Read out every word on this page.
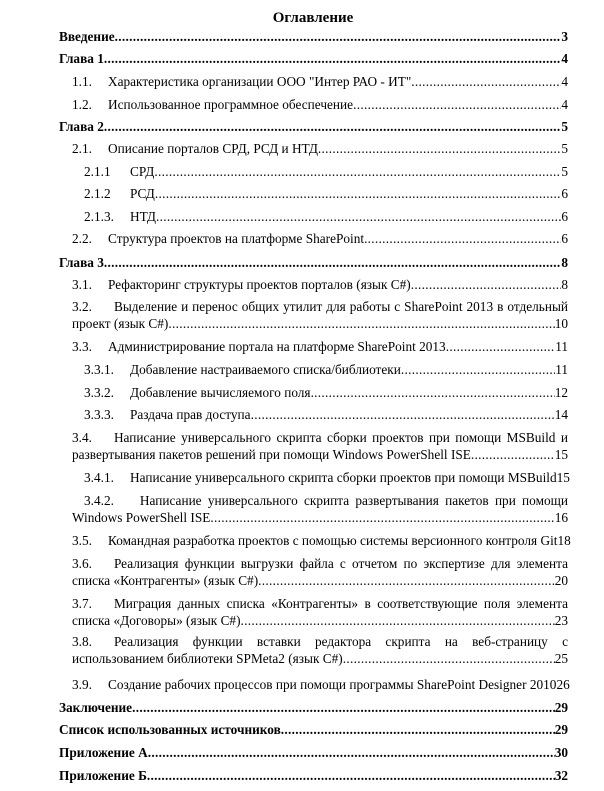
Оглавление
Введение .....	3
Глава 1 .....	4
1.1.	Характеристика организации ООО "Интер РАО - ИТ" .....	4
1.2.	Использованное программное обеспечение .....	4
Глава 2 .....	5
2.1.	Описание порталов СРД, РСД и НТД .....	5
2.1.1	СРД .....	5
2.1.2	РСД .....	6
2.1.3.	НТД .....	6
2.2.	Структура проектов на платформе SharePoint .....	6
Глава 3 .....	8
3.1.	Рефакторинг структуры проектов порталов (язык C#) .....	8
3.2. Выделение и перенос общих утилит для работы с SharePoint 2013 в отдельный
проект (язык C#) .....	10
3.3.	Администрирование портала на платформе SharePoint 2013 .....	11
3.3.1.	Добавление настраиваемого списка/библиотеки .....	11
3.3.2.	Добавление вычисляемого поля .....	12
3.3.3.	Раздача прав доступа .....	14
3.4. Написание универсального скрипта сборки проектов при помощи MSBuild и
развертывания пакетов решений при помощи Windows PowerShell ISE .....	15
3.4.1.	Написание универсального скрипта сборки проектов при помощи MSBuild 15
3.4.2. Написание универсального скрипта развертывания пакетов при помощи
Windows PowerShell ISE .....	16
3.5.	Командная разработка проектов с помощью системы версионного контроля Git 18
3.6. Реализация функции выгрузки файла с отчетом по экспертизе для элемента
списка «Контрагенты» (язык C#) .....	20
3.7. Миграция данных списка «Контрагенты» в соответствующие поля элемента
списка «Договоры» (язык C#) .....	23
3.8. Реализация функции вставки редактора скрипта на веб-страницу с
использованием библиотеки SPMeta2 (язык C#) .....	25
3.9.	Создание рабочих процессов при помощи программы SharePoint Designer 2010 26
Заключение .....	29
Список использованных источников .....	29
Приложение А .....	30
Приложение Б .....	32
